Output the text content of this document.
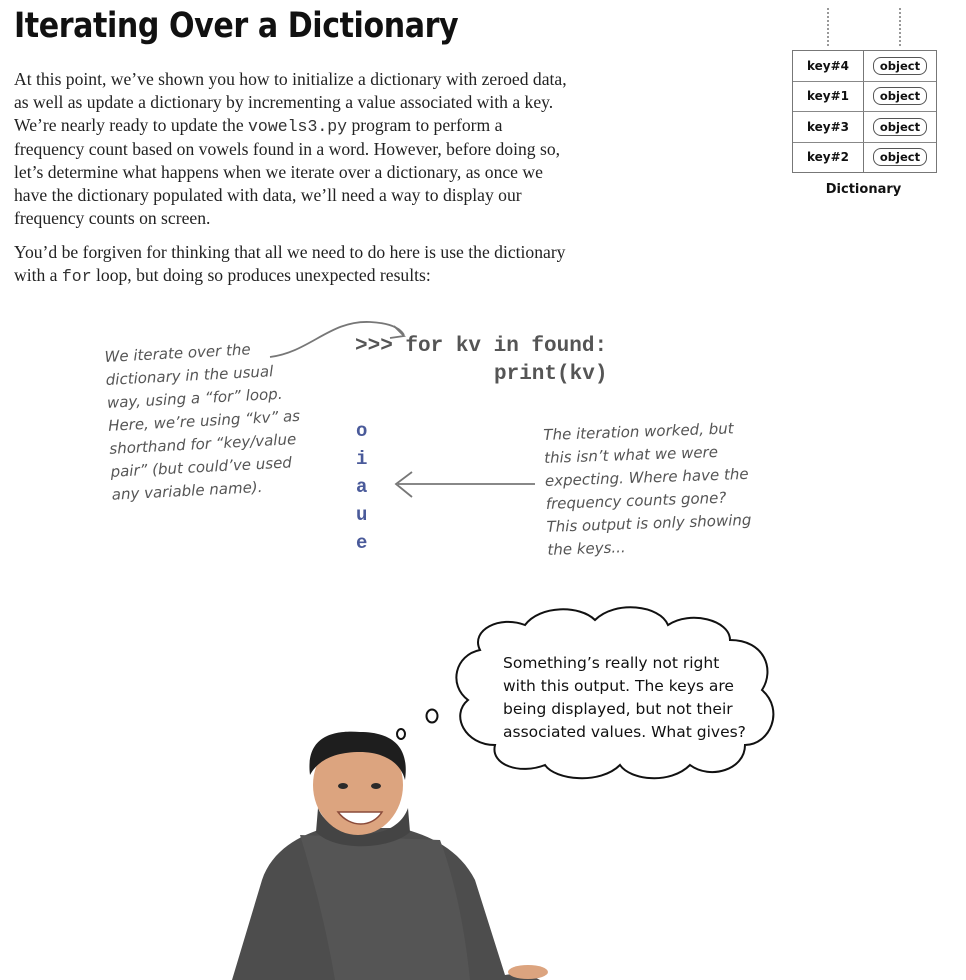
Iterating Over a Dictionary
At this point, we’ve shown you how to initialize a dictionary with zeroed data, as well as update a dictionary by incrementing a value associated with a key. We’re nearly ready to update the vowels3.py program to perform a frequency count based on vowels found in a word. However, before doing so, let’s determine what happens when we iterate over a dictionary, as once we have the dictionary populated with data, we’ll need a way to display our frequency counts on screen.
You’d be forgiven for thinking that all we need to do here is use the dictionary with a for loop, but doing so produces unexpected results:
key#4	object
key#1	object
key#3	object
key#2	object
Dictionary
>>> for kv in found:
print(kv)
o
i
a
u
e
We iterate over the dictionary in the usual way, using a “for” loop. Here, we’re using “kv” as shorthand for “key/value pair” (but could’ve used any variable name).
The iteration worked, but this isn’t what we were expecting. Where have the frequency counts gone? This output is only showing the keys...
Something’s really not right with this output. The keys are being displayed, but not their associated values. What gives?
